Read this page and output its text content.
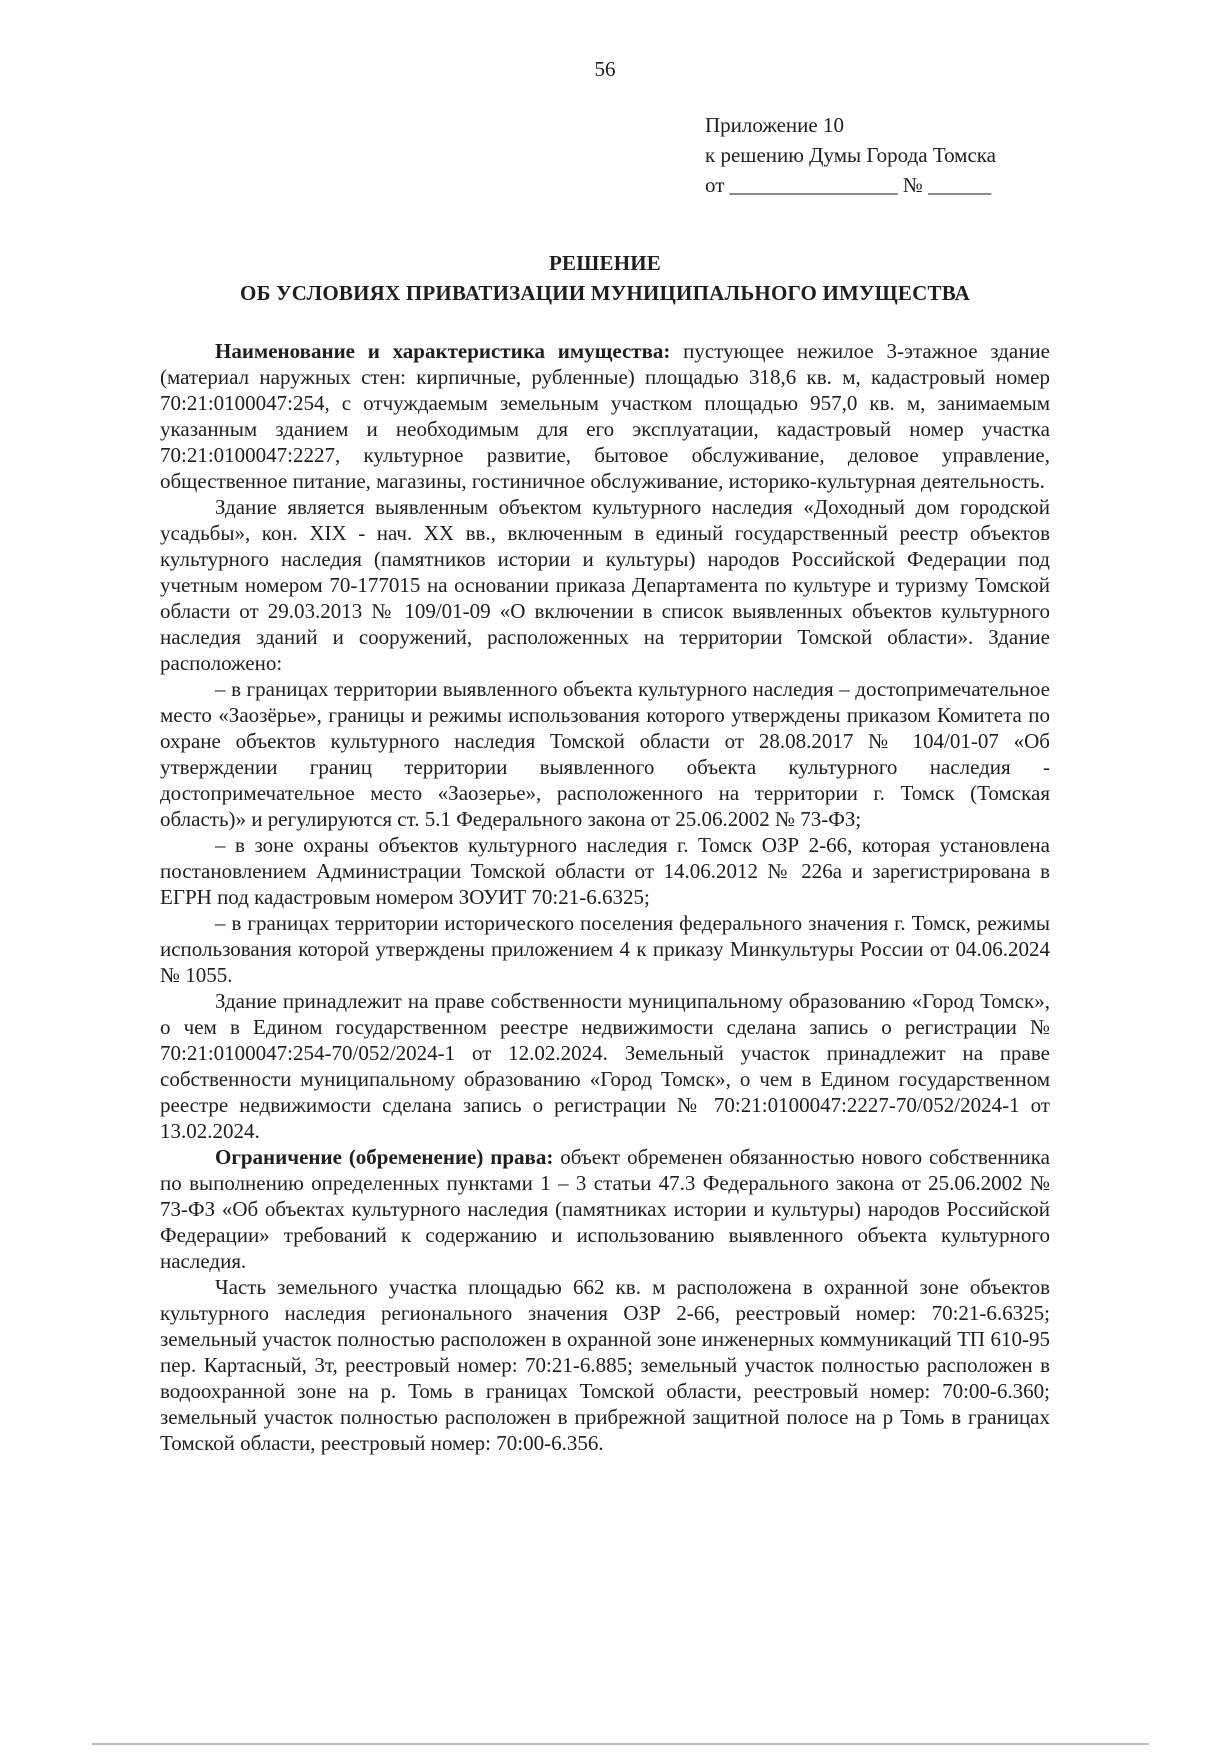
56
Приложение 10
к решению Думы Города Томска
от ________________ № ______
РЕШЕНИЕ
ОБ УСЛОВИЯХ ПРИВАТИЗАЦИИ МУНИЦИПАЛЬНОГО ИМУЩЕСТВА

Наименование и характеристика имущества: пустующее нежилое 3-этажное здание (материал наружных стен: кирпичные, рубленные) площадью 318,6 кв. м, кадастровый номер 70:21:0100047:254, с отчуждаемым земельным участком площадью 957,0 кв. м, занимаемым указанным зданием и необходимым для его эксплуатации, кадастровый номер участка 70:21:0100047:2227, культурное развитие, бытовое обслуживание, деловое управление, общественное питание, магазины, гостиничное обслуживание, историко-культурная деятельность.

Здание является выявленным объектом культурного наследия «Доходный дом городской усадьбы», кон. XIX - нач. XX вв., включенным в единый государственный реестр объектов культурного наследия (памятников истории и культуры) народов Российской Федерации под учетным номером 70-177015 на основании приказа Департамента по культуре и туризму Томской области от 29.03.2013 № 109/01-09 «О включении в список выявленных объектов культурного наследия зданий и сооружений, расположенных на территории Томской области». Здание расположено:

– в границах территории выявленного объекта культурного наследия – достопримечательное место «Заозёрье», границы и режимы использования которого утверждены приказом Комитета по охране объектов культурного наследия Томской области от 28.08.2017 № 104/01-07 «Об утверждении границ территории выявленного объекта культурного наследия - достопримечательное место «Заозерье», расположенного на территории г. Томск (Томская область)» и регулируются ст. 5.1 Федерального закона от 25.06.2002 № 73-ФЗ;

– в зоне охраны объектов культурного наследия г. Томск ОЗР 2-66, которая установлена постановлением Администрации Томской области от 14.06.2012 № 226а и зарегистрирована в ЕГРН под кадастровым номером ЗОУИТ 70:21-6.6325;

– в границах территории исторического поселения федерального значения г. Томск, режимы использования которой утверждены приложением 4 к приказу Минкультуры России от 04.06.2024 № 1055.

Здание принадлежит на праве собственности муниципальному образованию «Город Томск», о чем в Едином государственном реестре недвижимости сделана запись о регистрации № 70:21:0100047:254-70/052/2024-1 от 12.02.2024. Земельный участок принадлежит на праве собственности муниципальному образованию «Город Томск», о чем в Едином государственном реестре недвижимости сделана запись о регистрации № 70:21:0100047:2227-70/052/2024-1 от 13.02.2024.

Ограничение (обременение) права: объект обременен обязанностью нового собственника по выполнению определенных пунктами 1 – 3 статьи 47.3 Федерального закона от 25.06.2002 № 73-ФЗ «Об объектах культурного наследия (памятниках истории и культуры) народов Российской Федерации» требований к содержанию и использованию выявленного объекта культурного наследия.

Часть земельного участка площадью 662 кв. м расположена в охранной зоне объектов культурного наследия регионального значения ОЗР 2-66, реестровый номер: 70:21-6.6325; земельный участок полностью расположен в охранной зоне инженерных коммуникаций ТП 610-95 пер. Картасный, 3т, реестровый номер: 70:21-6.885; земельный участок полностью расположен в водоохранной зоне на р. Томь в границах Томской области, реестровый номер: 70:00-6.360; земельный участок полностью расположен в прибрежной защитной полосе на р Томь в границах Томской области, реестровый номер: 70:00-6.356.
